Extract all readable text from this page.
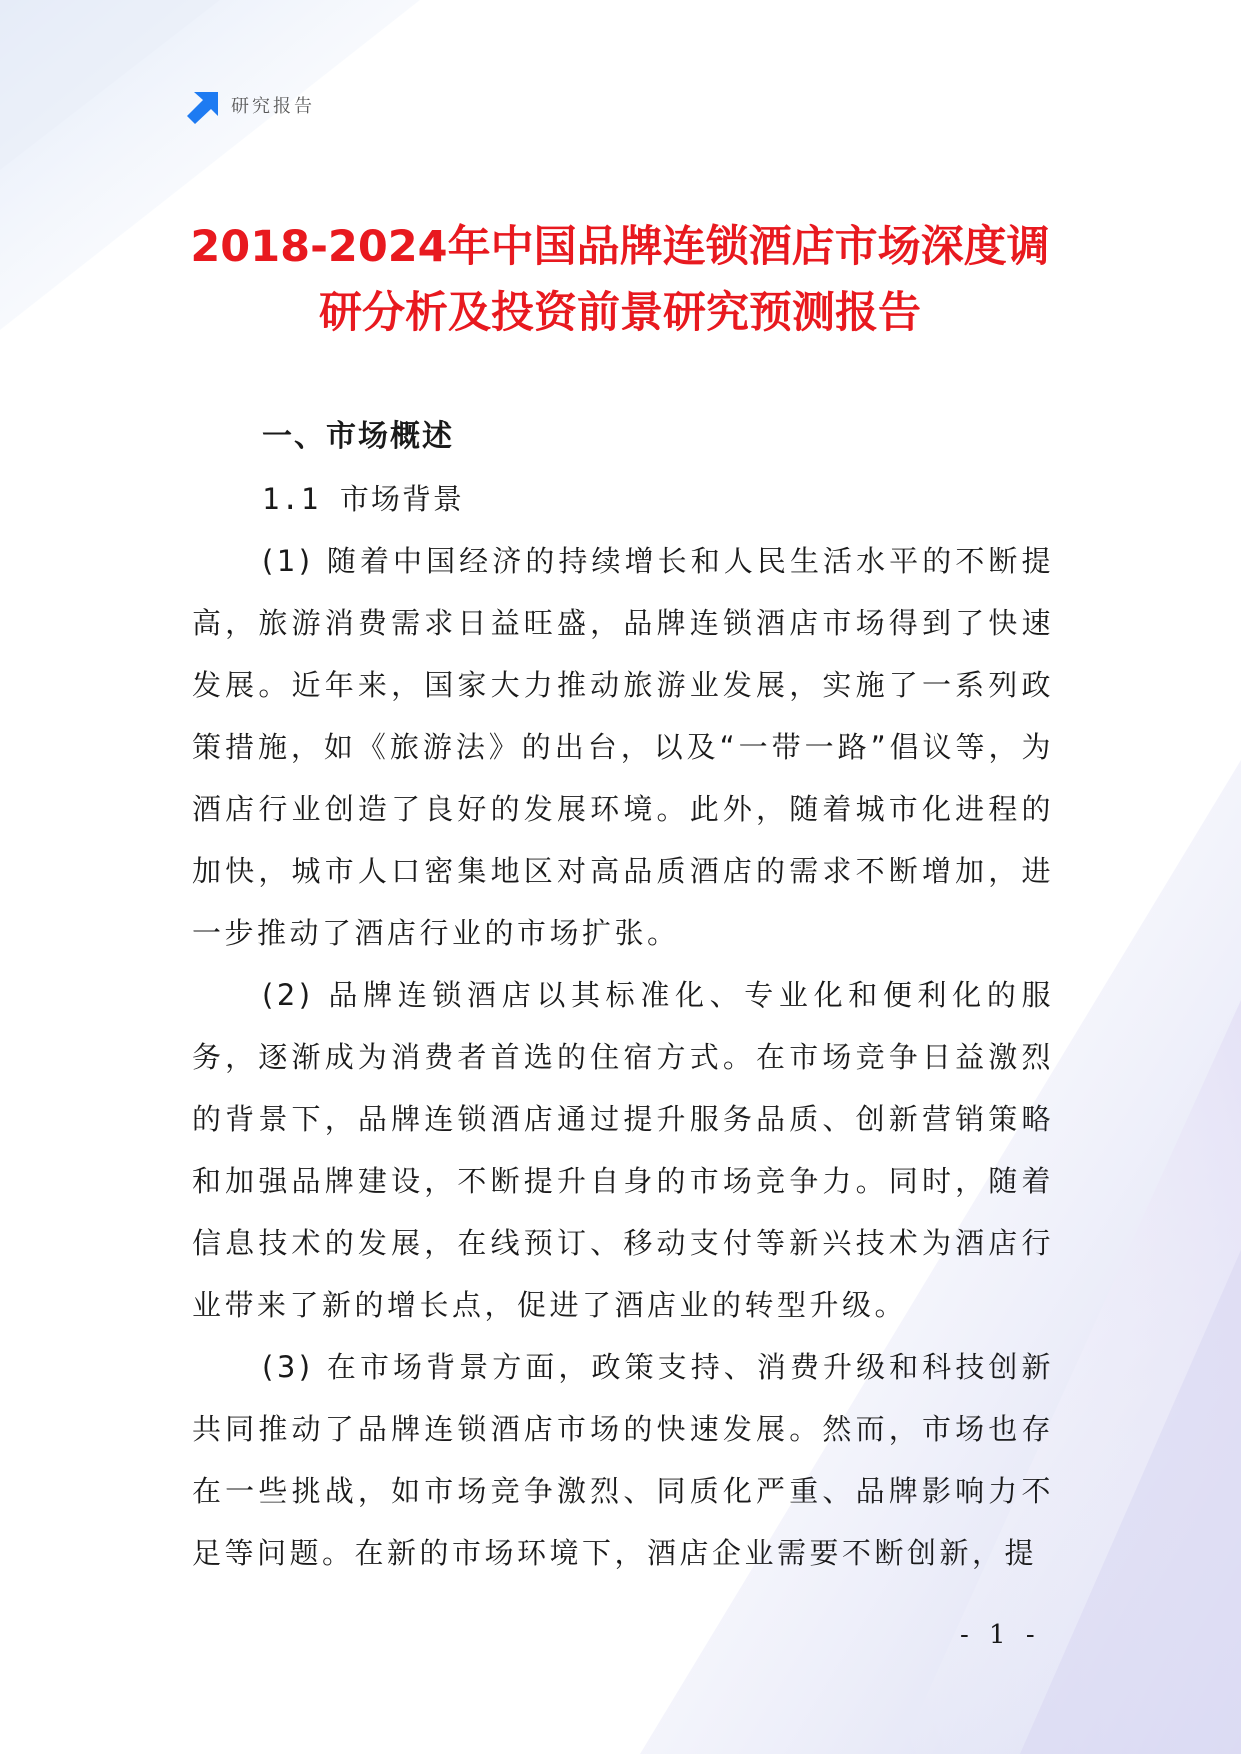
研究报告
2018-2024年中国品牌连锁酒店市场深度调
研分析及投资前景研究预测报告

一、市场概述

1.1 市场背景

(1) 随着中国经济的持续增长和人民生活水平的不断提高，旅游消费需求日益旺盛，品牌连锁酒店市场得到了快速发展。近年来，国家大力推动旅游业发展，实施了一系列政策措施，如《旅游法》的出台，以及“一带一路”倡议等，为酒店行业创造了良好的发展环境。此外，随着城市化进程的加快，城市人口密集地区对高品质酒店的需求不断增加，进一步推动了酒店行业的市场扩张。

(2) 品牌连锁酒店以其标准化、专业化和便利化的服务，逐渐成为消费者首选的住宿方式。在市场竞争日益激烈的背景下，品牌连锁酒店通过提升服务品质、创新营销策略和加强品牌建设，不断提升自身的市场竞争力。同时，随着信息技术的发展，在线预订、移动支付等新兴技术为酒店行业带来了新的增长点，促进了酒店业的转型升级。

(3) 在市场背景方面，政策支持、消费升级和科技创新共同推动了品牌连锁酒店市场的快速发展。然而，市场也存在一些挑战，如市场竞争激烈、同质化严重、品牌影响力不足等问题。在新的市场环境下，酒店企业需要不断创新，提

- 1 -
